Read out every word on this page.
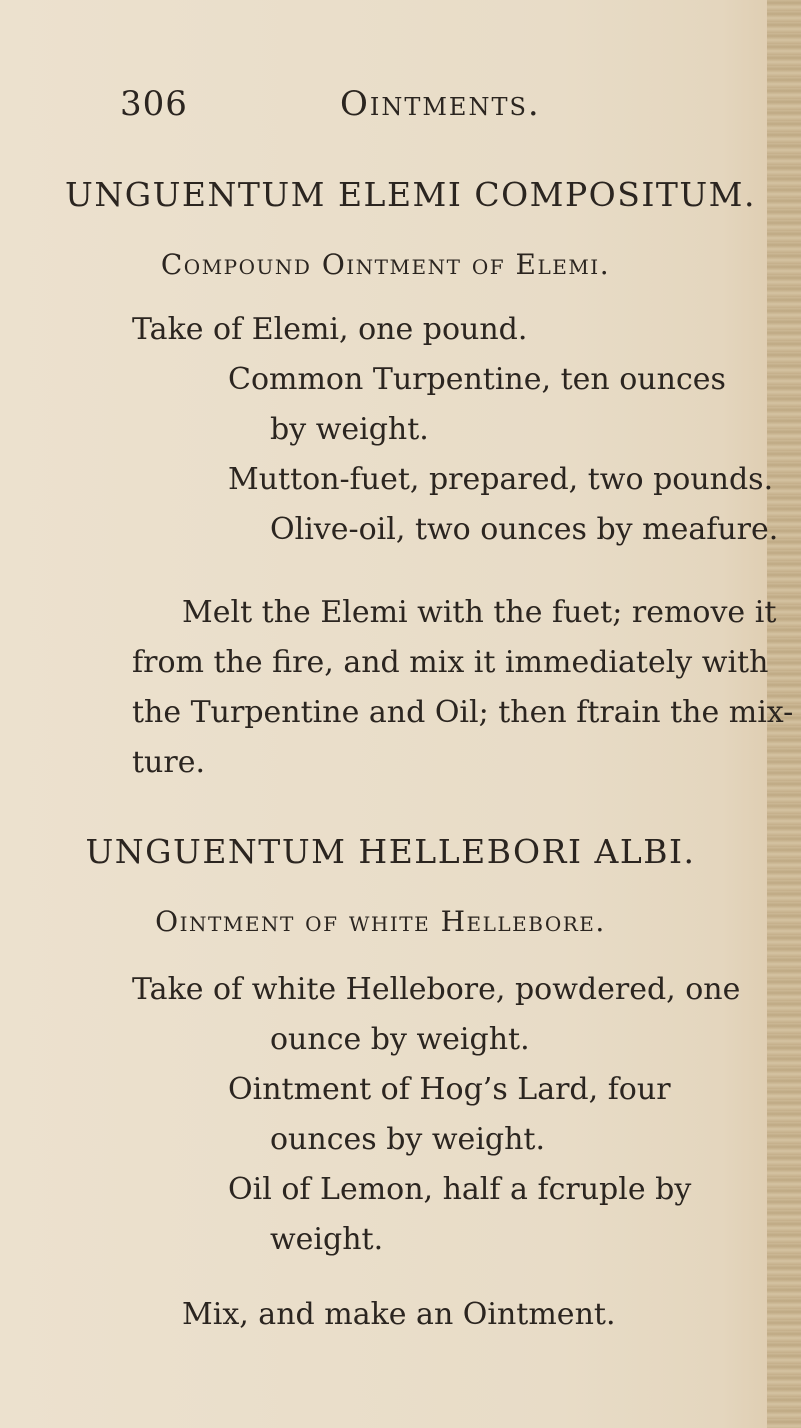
306	Ointments.
UNGUENTUM ELEMI COMPOSITUM.
Compound Ointment of Elemi.
Take of Elemi, one pound.
Common Turpentine, ten ounces
by weight.
Mutton-fuet, prepared, two pounds.
Olive-oil, two ounces by meafure.
Melt the Elemi with the fuet; remove it
from the fire, and mix it immediately with
the Turpentine and Oil; then ftrain the mix-
ture.
UNGUENTUM HELLEBORI ALBI.
Ointment of white Hellebore.
Take of white Hellebore, powdered, one
ounce by weight.
Ointment of Hog’s Lard, four
ounces by weight.
Oil of Lemon, half a fcruple by
weight.
Mix, and make an Ointment.
